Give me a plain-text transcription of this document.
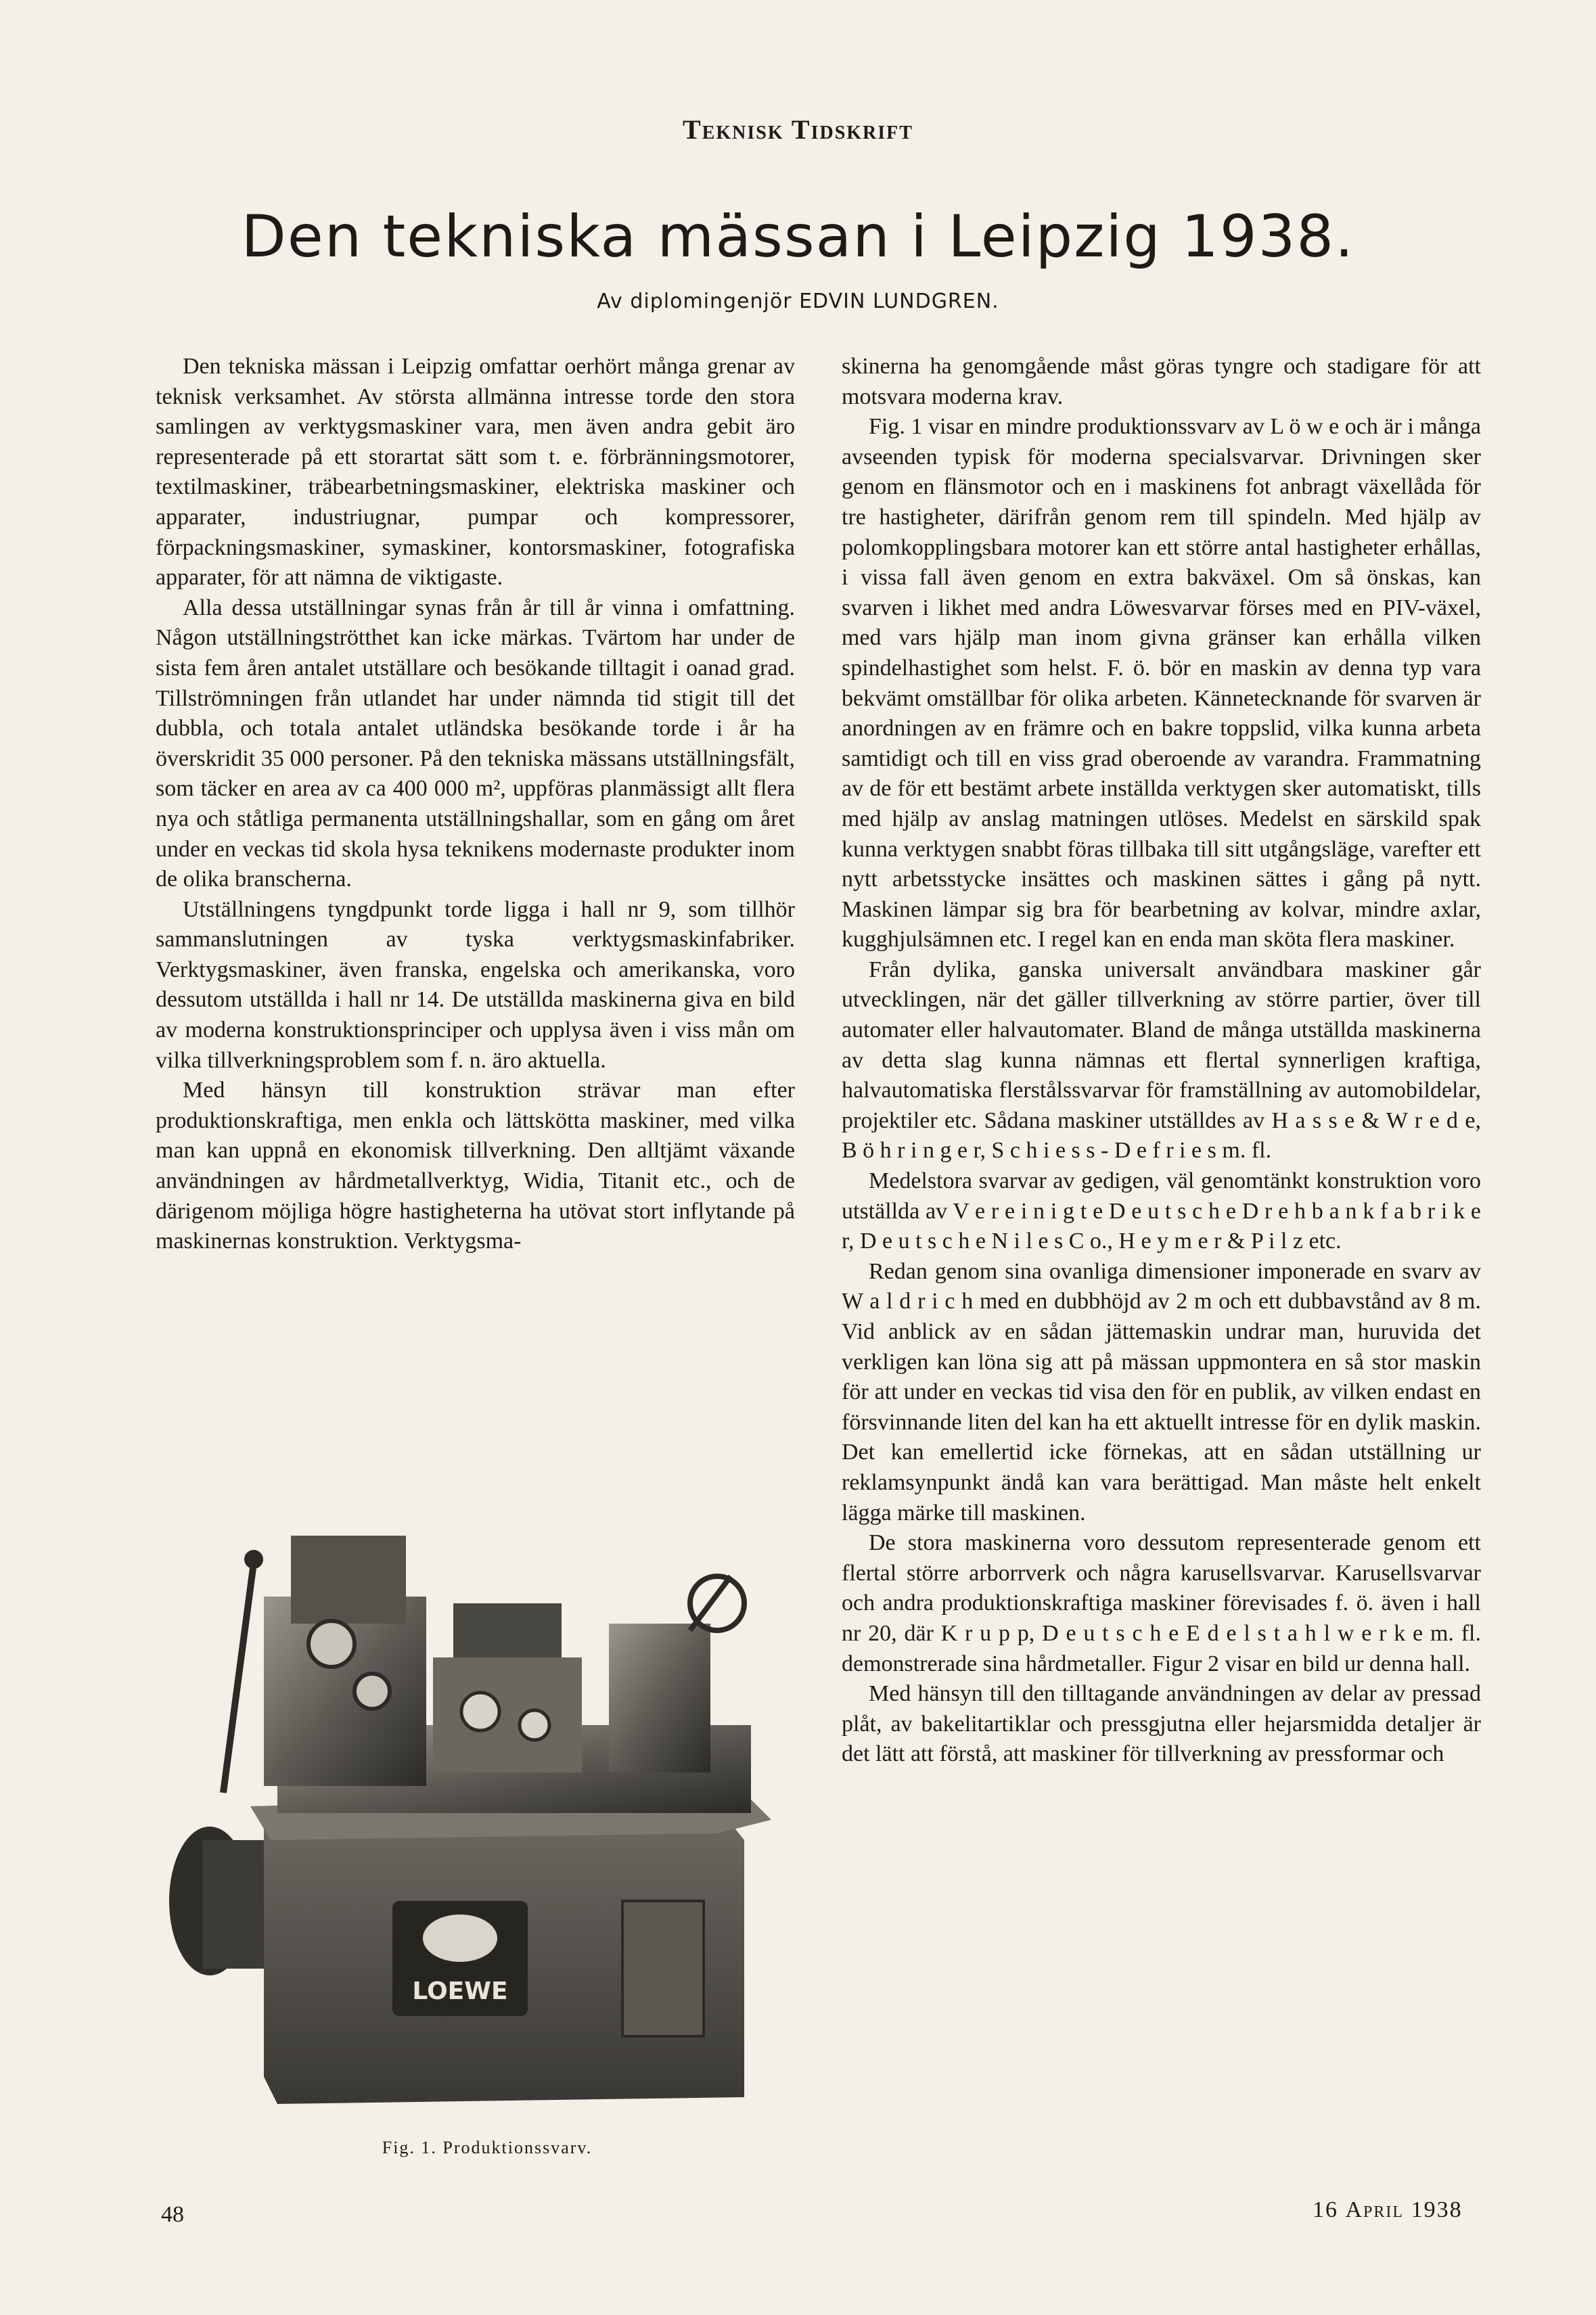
Teknisk Tidskrift
Den tekniska mässan i Leipzig 1938.
Av diplomingenjör EDVIN LUNDGREN.

Den tekniska mässan i Leipzig omfattar oerhört många grenar av teknisk verksamhet. Av största allmänna intresse torde den stora samlingen av verktygsmaskiner vara, men även andra gebit äro representerade på ett storartat sätt som t. e. förbränningsmotorer, textilmaskiner, träbearbetningsmaskiner, elektriska maskiner och apparater, industriugnar, pumpar och kompressorer, förpackningsmaskiner, symaskiner, kontorsmaskiner, fotografiska apparater, för att nämna de viktigaste.

Alla dessa utställningar synas från år till år vinna i omfattning. Någon utställningströtthet kan icke märkas. Tvärtom har under de sista fem åren antalet utställare och besökande tilltagit i oanad grad. Tillströmningen från utlandet har under nämnda tid stigit till det dubbla, och totala antalet utländska besökande torde i år ha överskridit 35 000 personer. På den tekniska mässans utställningsfält, som täcker en area av ca 400 000 m², uppföras planmässigt allt flera nya och ståtliga permanenta utställningshallar, som en gång om året under en veckas tid skola hysa teknikens modernaste produkter inom de olika branscherna.

Utställningens tyngdpunkt torde ligga i hall nr 9, som tillhör sammanslutningen av tyska verktygsmaskinfabriker. Verktygsmaskiner, även franska, engelska och amerikanska, voro dessutom utställda i hall nr 14. De utställda maskinerna giva en bild av moderna konstruktionsprinciper och upplysa även i viss mån om vilka tillverkningsproblem som f. n. äro aktuella.

Med hänsyn till konstruktion strävar man efter produktionskraftiga, men enkla och lättskötta maskiner, med vilka man kan uppnå en ekonomisk tillverkning. Den alltjämt växande användningen av hårdmetallverktyg, Widia, Titanit etc., och de därigenom möjliga högre hastigheterna ha utövat stort inflytande på maskinernas konstruktion. Verktygsma-

skinerna ha genomgående måst göras tyngre och stadigare för att motsvara moderna krav.

Fig. 1 visar en mindre produktionssvarv av L ö w e och är i många avseenden typisk för moderna specialsvarvar. Drivningen sker genom en flänsmotor och en i maskinens fot anbragt växellåda för tre hastigheter, därifrån genom rem till spindeln. Med hjälp av polomkopplingsbara motorer kan ett större antal hastigheter erhållas, i vissa fall även genom en extra bakväxel. Om så önskas, kan svarven i likhet med andra Löwesvarvar förses med en PIV-växel, med vars hjälp man inom givna gränser kan erhålla vilken spindelhastighet som helst. F. ö. bör en maskin av denna typ vara bekvämt omställbar för olika arbeten. Kännetecknande för svarven är anordningen av en främre och en bakre toppslid, vilka kunna arbeta samtidigt och till en viss grad oberoende av varandra. Frammatning av de för ett bestämt arbete inställda verktygen sker automatiskt, tills med hjälp av anslag matningen utlöses. Medelst en särskild spak kunna verktygen snabbt föras tillbaka till sitt utgångsläge, varefter ett nytt arbetsstycke insättes och maskinen sättes i gång på nytt. Maskinen lämpar sig bra för bearbetning av kolvar, mindre axlar, kugghjulsämnen etc. I regel kan en enda man sköta flera maskiner.

Från dylika, ganska universalt användbara maskiner går utvecklingen, när det gäller tillverkning av större partier, över till automater eller halvautomater. Bland de många utställda maskinerna av detta slag kunna nämnas ett flertal synnerligen kraftiga, halvautomatiska flerstålssvarvar för framställning av automobildelar, projektiler etc. Sådana maskiner utställdes av H a s s e & W r e d e, B ö h r i n g e r, S c h i e s s - D e f r i e s m. fl.

Medelstora svarvar av gedigen, väl genomtänkt konstruktion voro utställda av V e r e i n i g t e D e u t s c h e D r e h b a n k f a b r i k e r, D e u t s c h e N i l e s C o., H e y m e r & P i l z etc.

Redan genom sina ovanliga dimensioner imponerade en svarv av W a l d r i c h med en dubbhöjd av 2 m och ett dubbavstånd av 8 m. Vid anblick av en sådan jättemaskin undrar man, huruvida det verkligen kan löna sig att på mässan uppmontera en så stor maskin för att under en veckas tid visa den för en publik, av vilken endast en försvinnande liten del kan ha ett aktuellt intresse för en dylik maskin. Det kan emellertid icke förnekas, att en sådan utställning ur reklamsynpunkt ändå kan vara berättigad. Man måste helt enkelt lägga märke till maskinen.

De stora maskinerna voro dessutom representerade genom ett flertal större arborrverk och några karusellsvarvar. Karusellsvarvar och andra produktionskraftiga maskiner förevisades f. ö. även i hall nr 20, där K r u p p, D e u t s c h e E d e l s t a h l w e r k e m. fl. demonstrerade sina hårdmetaller. Figur 2 visar en bild ur denna hall.

Med hänsyn till den tilltagande användningen av delar av pressad plåt, av bakelitartiklar och pressgjutna eller hejarsmidda detaljer är det lätt att förstå, att maskiner för tillverkning av pressformar och

LOEWE
Fig. 1. Produktionssvarv.
48	16 April 1938
